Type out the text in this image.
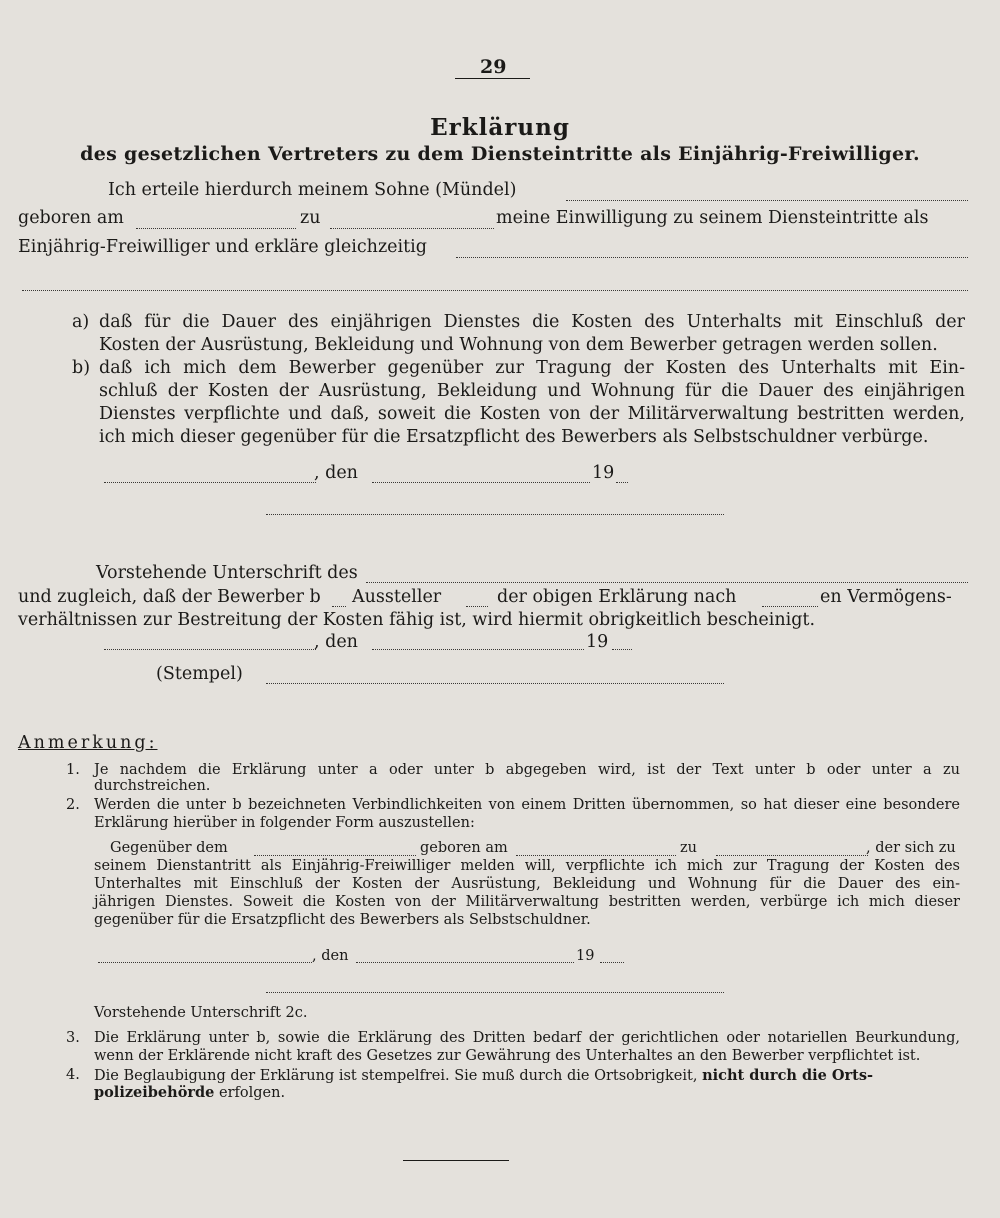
29
Erklärung
des gesetzlichen Vertreters zu dem Diensteintritte als Einjährig-Freiwilliger.
Ich erteile hierdurch meinem Sohne (Mündel)
geboren am	zu	meine Einwilligung zu seinem Diensteintritte als
Einjährig-Freiwilliger und erkläre gleichzeitig
a) daß für die Dauer des einjährigen Dienstes die Kosten des Unterhalts mit Einschluß der
Kosten der Ausrüstung, Bekleidung und Wohnung von dem Bewerber getragen werden sollen.
b) daß ich mich dem Bewerber gegenüber zur Tragung der Kosten des Unterhalts mit Ein-
schluß der Kosten der Ausrüstung, Bekleidung und Wohnung für die Dauer des einjährigen
Dienstes verpflichte und daß, soweit die Kosten von der Militärverwaltung bestritten werden,
ich mich dieser gegenüber für die Ersatzpflicht des Bewerbers als Selbstschuldner verbürge.
, den	19
Vorstehende Unterschrift des
und zugleich, daß der Bewerber b Aussteller	der obigen Erklärung nach	en Vermögens-
verhältnissen zur Bestreitung der Kosten fähig ist, wird hiermit obrigkeitlich bescheinigt.
, den	19
(Stempel)
Anmerkung:
1. Je nachdem die Erklärung unter a oder unter b abgegeben wird, ist der Text unter b oder unter a zu
durchstreichen.
2. Werden die unter b bezeichneten Verbindlichkeiten von einem Dritten übernommen, so hat dieser eine besondere
Erklärung hierüber in folgender Form auszustellen:
Gegenüber dem	geboren am	zu	, der sich zu
seinem Dienstantritt als Einjährig-Freiwilliger melden will, verpflichte ich mich zur Tragung der Kosten des
Unterhaltes mit Einschluß der Kosten der Ausrüstung, Bekleidung und Wohnung für die Dauer des ein-
jährigen Dienstes. Soweit die Kosten von der Militärverwaltung bestritten werden, verbürge ich mich dieser
gegenüber für die Ersatzpflicht des Bewerbers als Selbstschuldner.
, den	19
Vorstehende Unterschrift 2c.
3. Die Erklärung unter b, sowie die Erklärung des Dritten bedarf der gerichtlichen oder notariellen Beurkundung,
wenn der Erklärende nicht kraft des Gesetzes zur Gewährung des Unterhaltes an den Bewerber verpflichtet ist.
4. Die Beglaubigung der Erklärung ist stempelfrei. Sie muß durch die Ortsobrigkeit, nicht durch die Orts-
polizeibehörde erfolgen.
